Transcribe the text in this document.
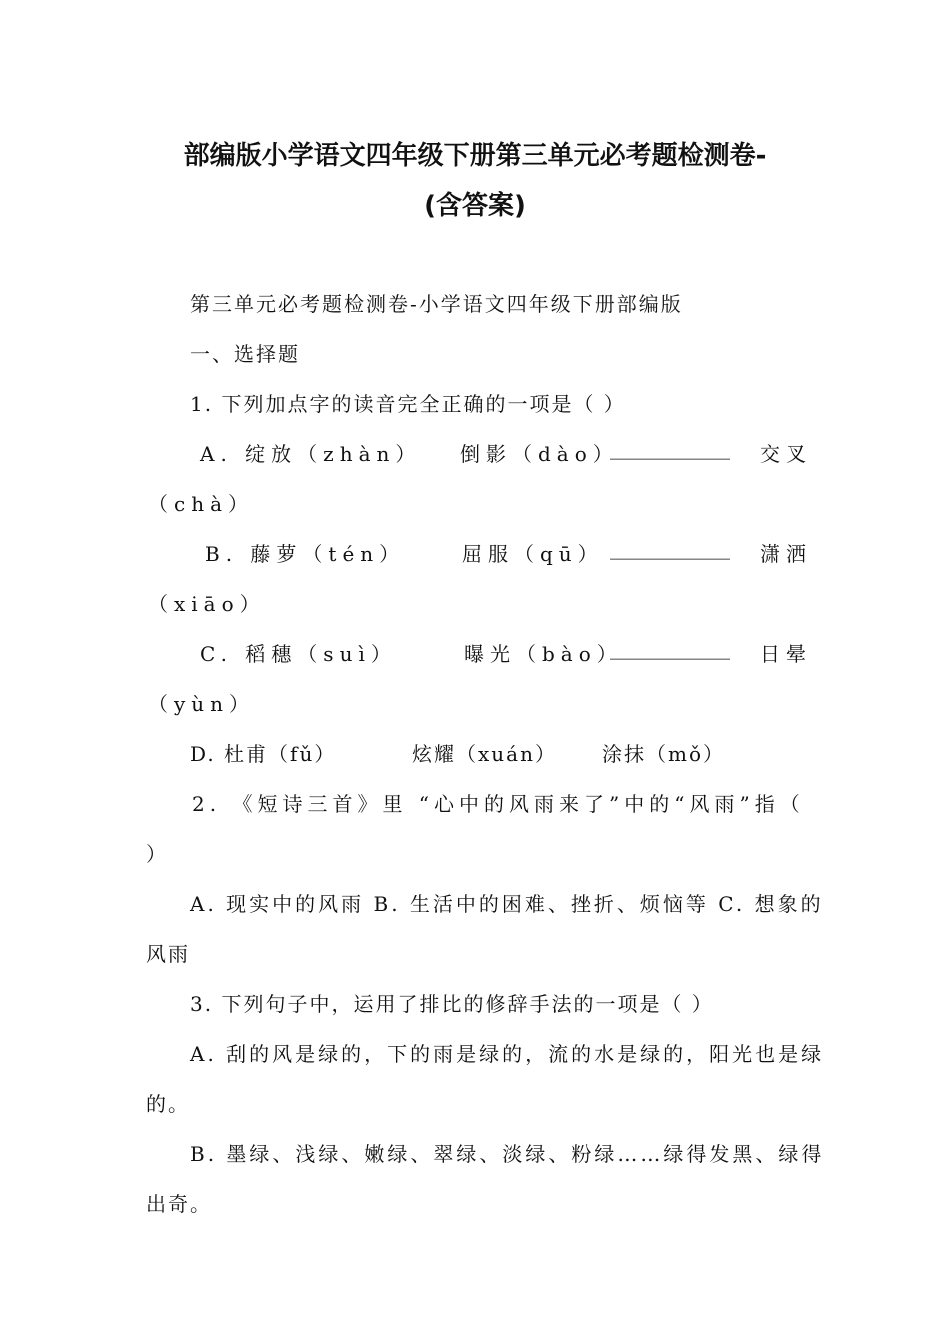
部编版小学语文四年级下册第三单元必考题检测卷-
(含答案)
第三单元必考题检测卷-小学语文四年级下册部编版
一、选择题
1. 下列加点字的读音完全正确的一项是（ ）
A. 绽放（zhàn） 倒影（dào）
____________ 交叉
（chà）
B. 藤萝（tén）	屈服（qū） ____________ 潇洒
（xiāo）
C. 稻穗（suì）	曝光（bào）
____________ 日晕
（yùn）
D. 杜甫（fǔ）	炫耀（xuán） 涂抹（mǒ）
2. 《短诗三首》里 “心中的风雨来了”中的“风雨”指（
）
A. 现实中的风雨 B. 生活中的困难、挫折、烦恼等 C. 想象的
风雨
3. 下列句子中，运用了排比的修辞手法的一项是（ ）
A. 刮的风是绿的，下的雨是绿的，流的水是绿的，阳光也是绿
的。
B. 墨绿、浅绿、嫩绿、翠绿、淡绿、粉绿……绿得发黑、绿得
出奇。
